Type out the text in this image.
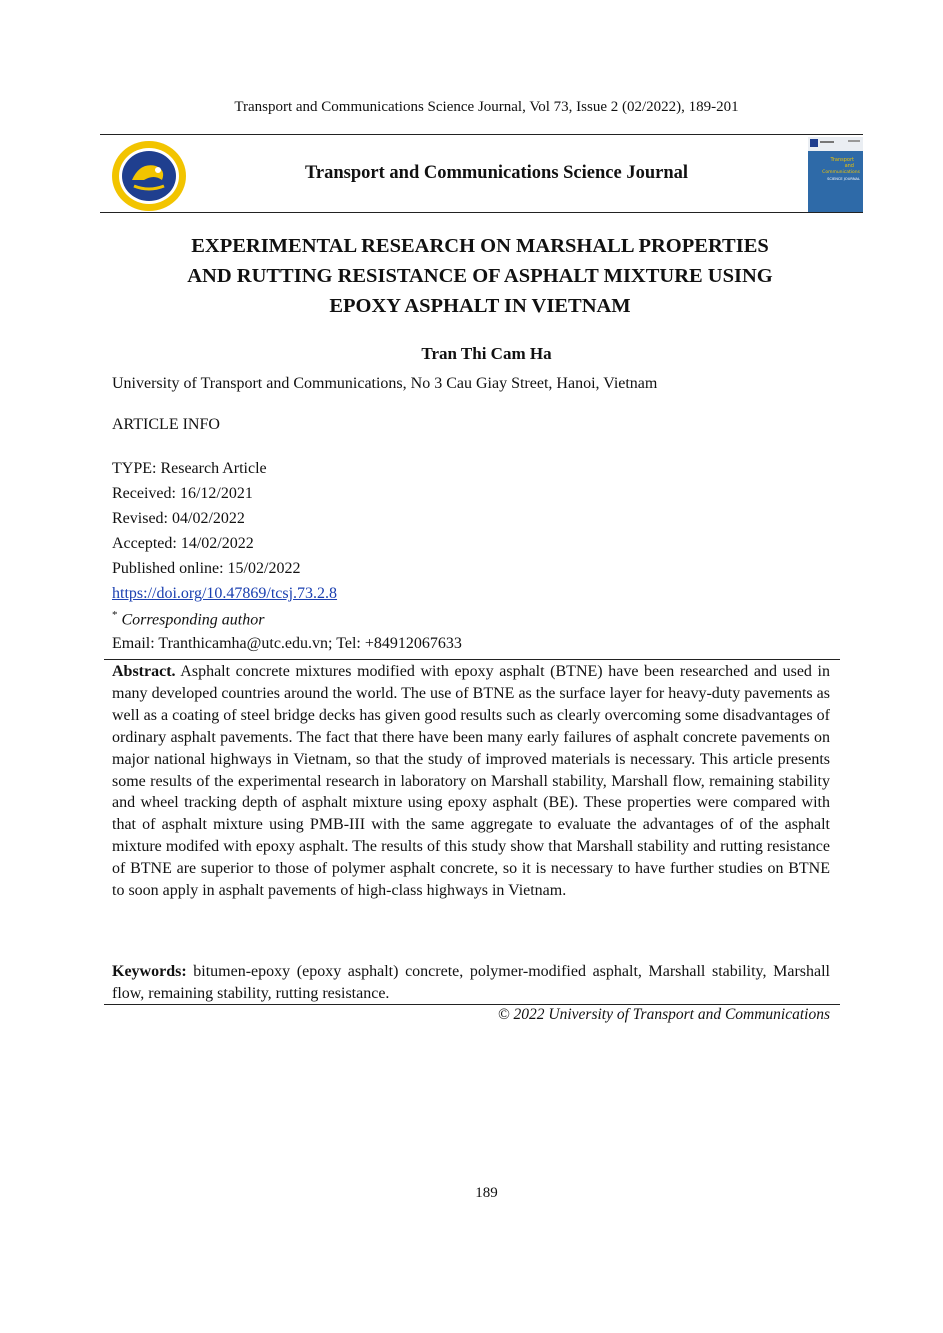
Transport and Communications Science Journal, Vol 73, Issue 2 (02/2022), 189-201
Transport and Communications Science Journal
Transport
and
Communications
SCIENCE JOURNAL
EXPERIMENTAL RESEARCH ON MARSHALL PROPERTIES
AND RUTTING RESISTANCE OF ASPHALT MIXTURE USING
EPOXY ASPHALT IN VIETNAM
Tran Thi Cam Ha
University of Transport and Communications, No 3 Cau Giay Street, Hanoi, Vietnam
ARTICLE INFO
TYPE: Research Article
Received: 16/12/2021
Revised: 04/02/2022
Accepted: 14/02/2022
Published online: 15/02/2022
https://doi.org/10.47869/tcsj.73.2.8
* Corresponding author
Email: Tranthicamha@utc.edu.vn; Tel: +84912067633
Abstract. Asphalt concrete mixtures modified with epoxy asphalt (BTNE) have been researched and used in many developed countries around the world. The use of BTNE as the surface layer for heavy-duty pavements as well as a coating of steel bridge decks has given good results such as clearly overcoming some disadvantages of ordinary asphalt pavements. The fact that there have been many early failures of asphalt concrete pavements on major national highways in Vietnam, so that the study of improved materials is necessary. This article presents some results of the experimental research in laboratory on Marshall stability, Marshall flow, remaining stability and wheel tracking depth of asphalt mixture using epoxy asphalt (BE). These properties were compared with that of asphalt mixture using PMB-III with the same aggregate to evaluate the advantages of of the asphalt mixture modifed with epoxy asphalt. The results of this study show that Marshall stability and rutting resistance of BTNE are superior to those of polymer asphalt concrete, so it is necessary to have further studies on BTNE to soon apply in asphalt pavements of high-class highways in Vietnam.
Keywords: bitumen-epoxy (epoxy asphalt) concrete, polymer-modified asphalt, Marshall stability, Marshall flow, remaining stability, rutting resistance.
© 2022 University of Transport and Communications
189
